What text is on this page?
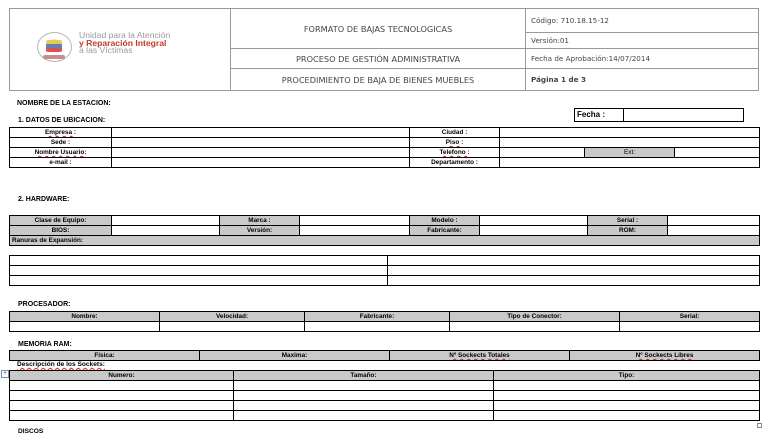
Unidad para la Atención
y Reparación Integral
a las Víctimas	FORMATO DE BAJAS TECNOLOGICAS	Código: 710.18.15-12
		Versión:01
	PROCESO DE GESTIÓN ADMINISTRATIVA	Fecha de Aprobación:14/07/2014
	PROCEDIMIENTO DE BAJA DE BIENES MUEBLES	Página 1 de 3
NOMBRE DE LA ESTACION:
Fecha :
1. DATOS DE UBICACION:
Empresa :		Ciudad :			
Sede :		Piso :			
Nombre Usuario:		Telefono :		Ext:	
e-mail :		Departamento :			
2. HARDWARE:
Clase de Equipo:		Marca :		Modelo :		Serial :	
BIOS:		Versión:		Fabricante:		ROM:	
Ranuras de Expansión:							

PROCESADOR:
Nombre:	Velocidad:	Fabricante:	Tipo de Conector:	Serial:

MEMORIA RAM:
Física:	Maxima:	Nº Sockects Totales	Nº Sockects Libres
Descripción de los Sockets:
+	Numero:	Tamaño:	Tipo:

DISCOS
